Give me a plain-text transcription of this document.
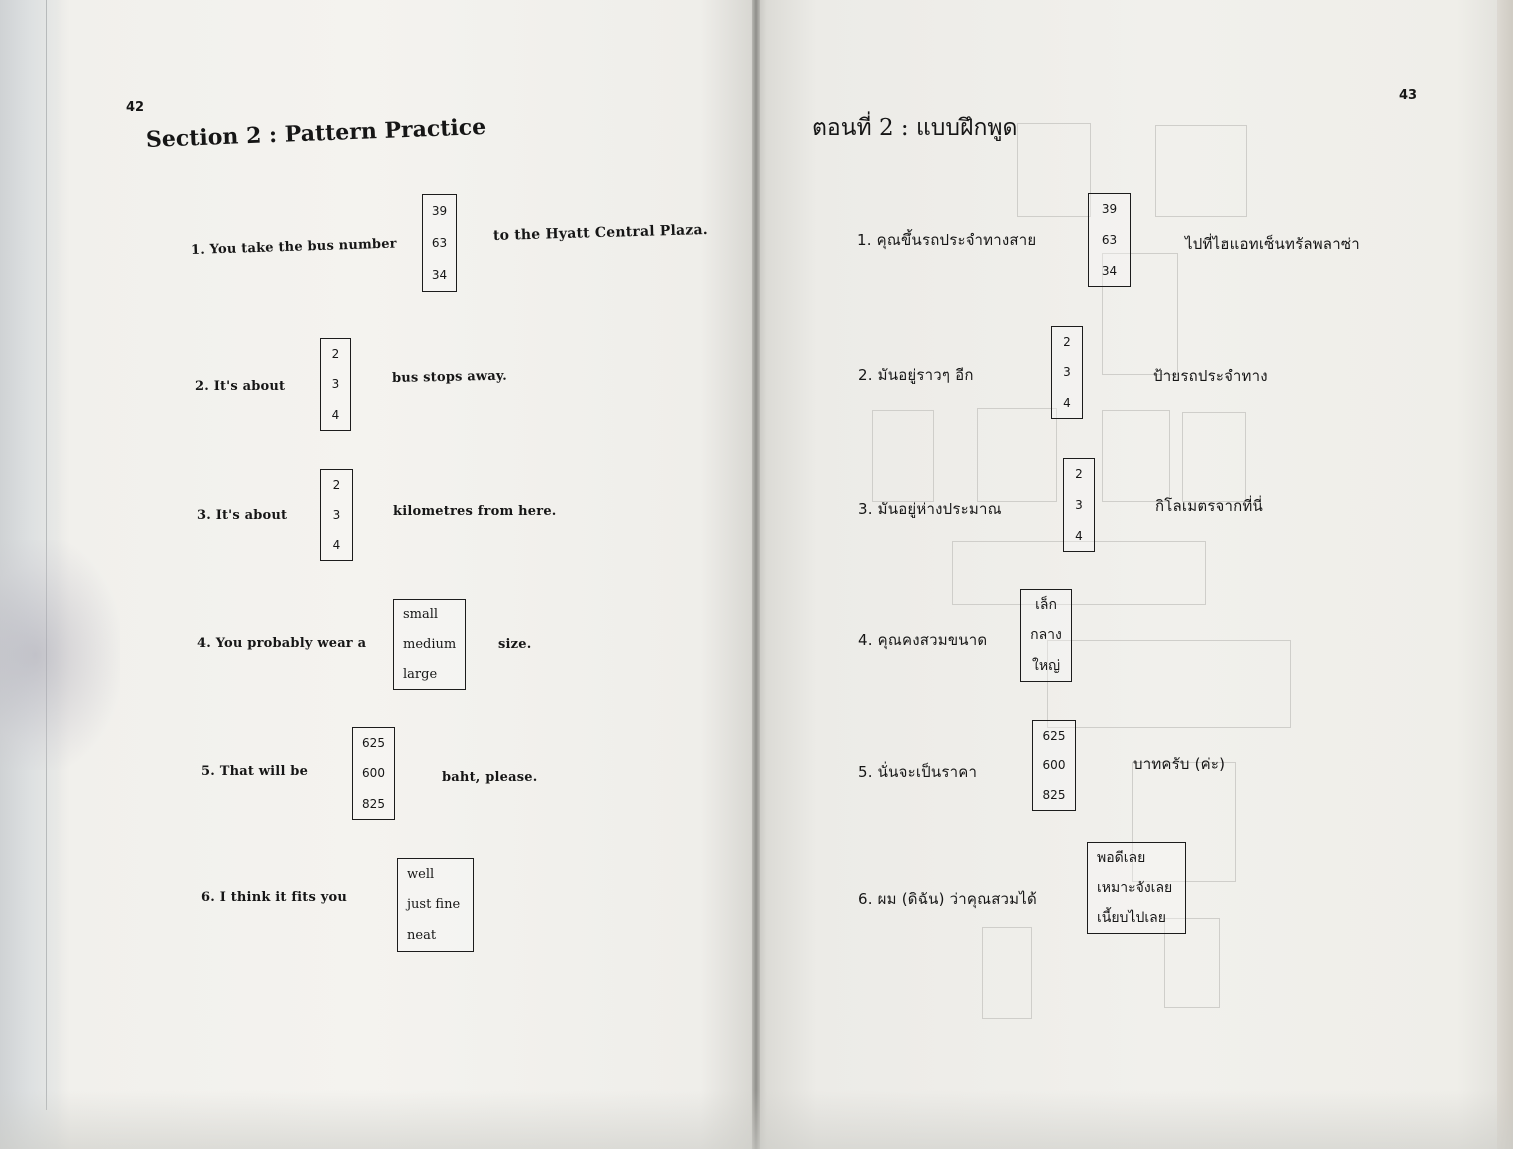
42
Section 2 : Pattern Practice
1. You take the bus number
39
63
34
to the Hyatt Central Plaza.
2. It's about
2
3
4
bus stops away.
3. It's about
2
3
4
kilometres from here.
4. You probably wear a
small
medium
large
size.
5. That will be
625
600
825
baht, please.
6. I think it fits you
well
just fine
neat
43
ตอนที่ 2 : แบบฝึกพูด
1. คุณขึ้นรถประจำทางสาย
39
63
34
ไปที่ไฮแอทเซ็นทรัลพลาซ่า
2. มันอยู่ราวๆ อีก
2
3
4
ป้ายรถประจำทาง
3. มันอยู่ห่างประมาณ
2
3
4
กิโลเมตรจากที่นี่
4. คุณคงสวมขนาด
เล็ก
กลาง
ใหญ่
5. นั่นจะเป็นราคา
625
600
825
บาทครับ (ค่ะ)
6. ผม (ดิฉัน) ว่าคุณสวมได้
พอดีเลย
เหมาะจังเลย
เนี้ยบไปเลย
